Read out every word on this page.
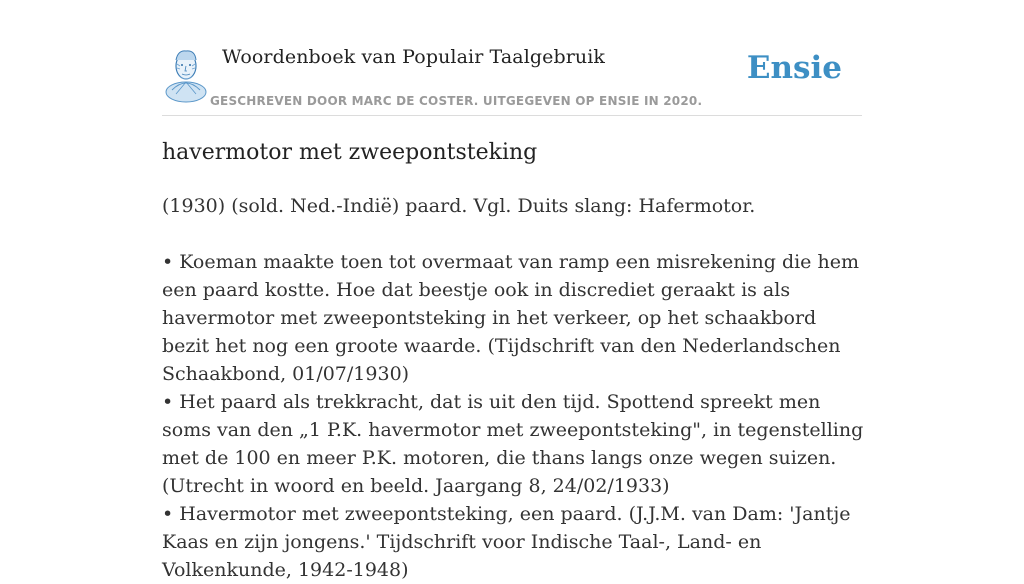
Woordenboek van Populair Taalgebruik
GESCHREVEN DOOR MARC DE COSTER. UITGEGEVEN OP ENSIE IN 2020.
Ensie
havermotor met zweepontsteking

(1930) (sold. Ned.-Indië) paard. Vgl. Duits slang: Hafermotor.

• Koeman maakte toen tot overmaat van ramp een misrekening die hem een paard kostte. Hoe dat beestje ook in discrediet geraakt is als havermotor met zweepontsteking in het verkeer, op het schaakbord bezit het nog een groote waarde. (Tijdschrift van den Nederlandschen Schaakbond, 01/07/1930)

• Het paard als trekkracht, dat is uit den tijd. Spottend spreekt men soms van den „1 P.K. havermotor met zweepontsteking", in tegenstelling met de 100 en meer P.K. motoren, die thans langs onze wegen suizen. (Utrecht in woord en beeld. Jaargang 8, 24/02/1933)

• Havermotor met zweepontsteking, een paard. (J.J.M. van Dam: 'Jantje Kaas en zijn jongens.' Tijdschrift voor Indische Taal-, Land- en Volkenkunde, 1942-1948)
